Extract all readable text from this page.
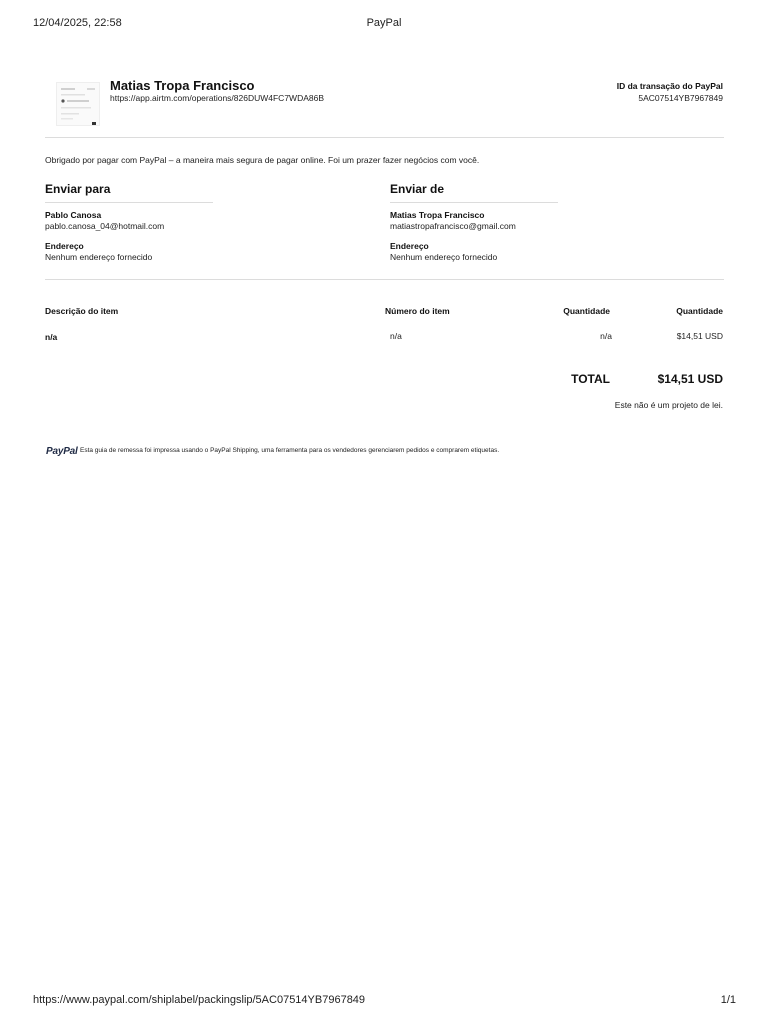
12/04/2025, 22:58	PayPal
Matias Tropa Francisco
https://app.airtm.com/operations/826DUW4FC7WDA86B
ID da transação do PayPal
5AC07514YB7967849
Obrigado por pagar com PayPal – a maneira mais segura de pagar online. Foi um prazer fazer negócios com você.
Enviar para
Pablo Canosa
pablo.canosa_04@hotmail.com
Endereço
Nenhum endereço fornecido
Enviar de
Matias Tropa Francisco
matiastropafrancisco@gmail.com
Endereço
Nenhum endereço fornecido
Descrição do item	Número do item	Quantidade	Quantidade
n/a	n/a	n/a	$14,51 USD
TOTAL	$14,51 USD
Este não é um projeto de lei.
PayPal Esta guia de remessa foi impressa usando o PayPal Shipping, uma ferramenta para os vendedores gerenciarem pedidos e comprarem etiquetas.
https://www.paypal.com/shiplabel/packingslip/5AC07514YB7967849	1/1
